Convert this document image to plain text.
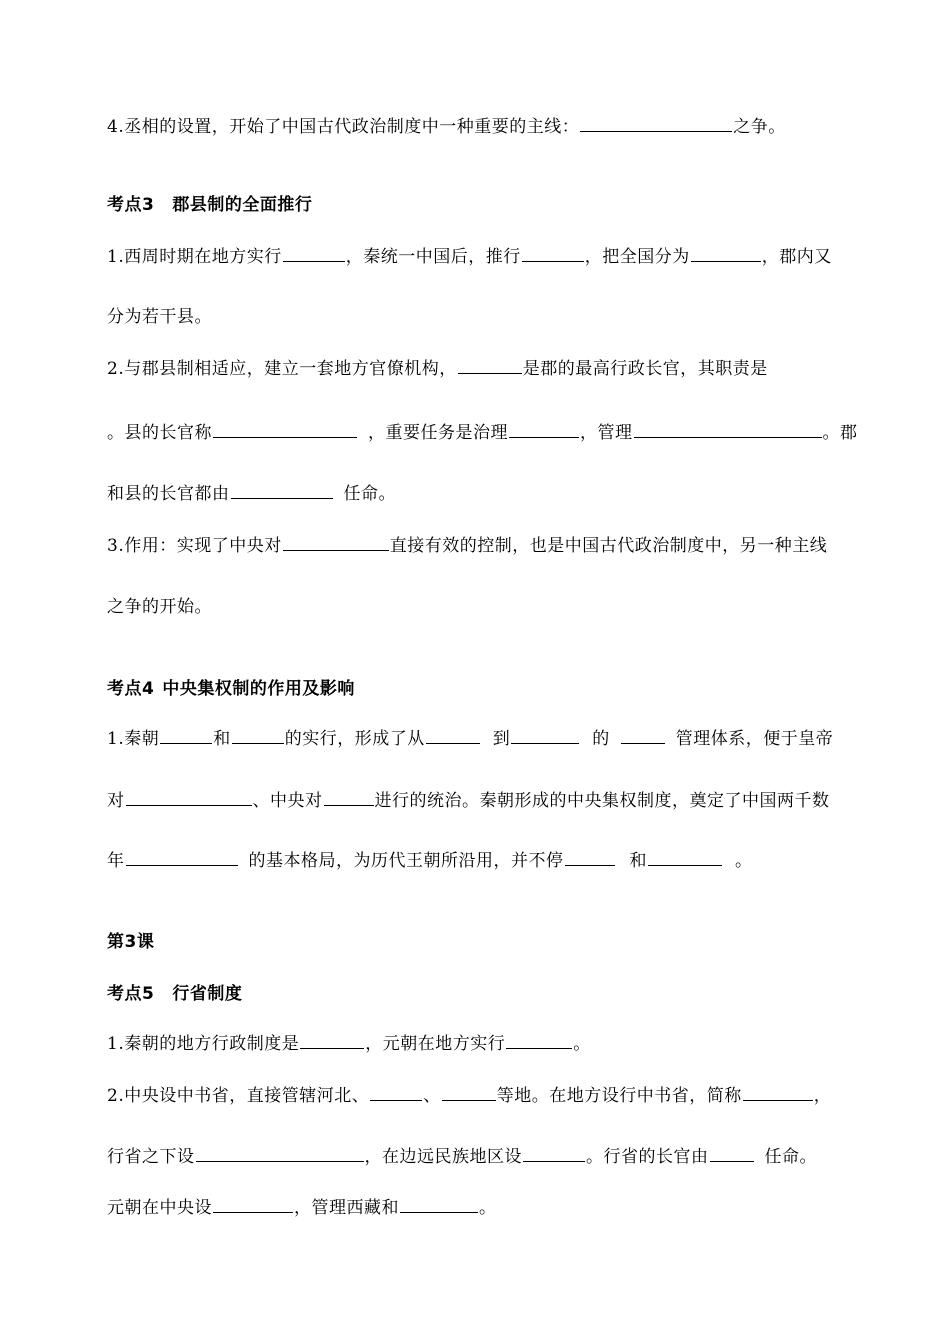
4.丞相的设置，开始了中国古代政治制度中一种重要的主线：	之争。
考点3 郡县制的全面推行
1.西周时期在地方实行	，秦统一中国后，推行	，把全国分为	，郡内又
分为若干县。
2.与郡县制相适应，建立一套地方官僚机构，	是郡的最高行政长官，其职责是
。县的长官称	，重要任务是治理	，管理	。郡
和县的长官都由	任命。
3.作用：实现了中央对	直接有效的控制，也是中国古代政治制度中，另一种主线
之争的开始。
考点4 中央集权制的作用及影响
1.秦朝	和	的实行，形成了从	到	的	管理体系，便于皇帝
对	、中央对	进行的统治。秦朝形成的中央集权制度，奠定了中国两千数
年	的基本格局，为历代王朝所沿用，并不停	和	。
第3课
考点5 行省制度
1.秦朝的地方行政制度是	，元朝在地方实行	。
2.中央设中书省，直接管辖河北、	、	等地。在地方设行中书省，简称	，
行省之下设	，在边远民族地区设	。行省的长官由	任命。
元朝在中央设	，管理西藏和	。
